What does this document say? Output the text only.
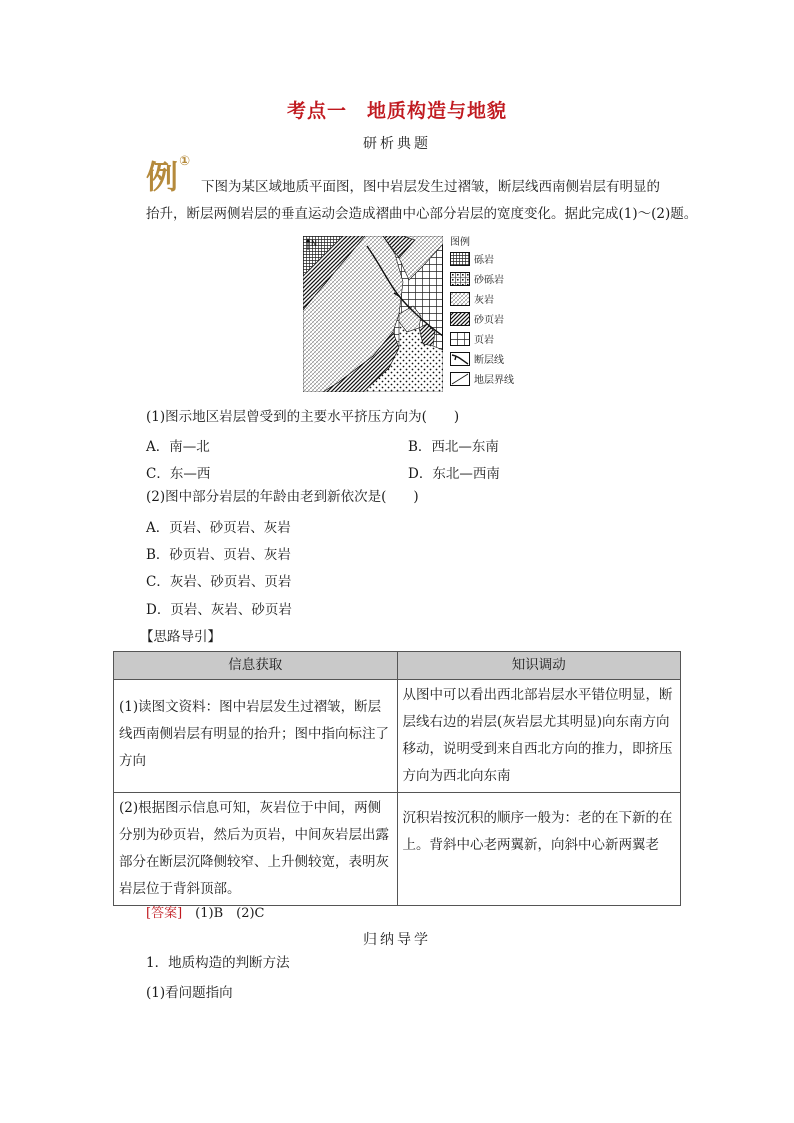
考点一　地质构造与地貌
研析典题
例①
下图为某区域地质平面图，图中岩层发生过褶皱，断层线西南侧岩层有明显的
抬升，断层两侧岩层的垂直运动会造成褶曲中心部分岩层的宽度变化。据此完成(1)～(2)题。
N	图例
砾岩
砂砾岩
灰岩
砂页岩
页岩
断层线
地层界线
(1)图示地区岩层曾受到的主要水平挤压方向为(　　)
A．南—北	B．西北—东南
C．东—西	D．东北—西南
(2)图中部分岩层的年龄由老到新依次是(　　)
A．页岩、砂页岩、灰岩
B．砂页岩、页岩、灰岩
C．灰岩、砂页岩、页岩
D．页岩、灰岩、砂页岩
【思路导引】
信息获取	知识调动
(1)读图文资料：图中岩层发生过褶皱，断层线西南侧岩层有明显的抬升；图中指向标注了方向	从图中可以看出西北部岩层水平错位明显，断层线右边的岩层(灰岩层尤其明显)向东南方向移动，说明受到来自西北方向的推力，即挤压方向为西北向东南
(2)根据图示信息可知，灰岩位于中间，两侧分别为砂页岩，然后为页岩，中间灰岩层出露部分在断层沉降侧较窄、上升侧较宽，表明灰岩层位于背斜顶部。	沉积岩按沉积的顺序一般为：老的在下新的在上。背斜中心老两翼新，向斜中心新两翼老
[答案]　 (1)B　(2)C
归纳导学
1．地质构造的判断方法
(1)看问题指向
